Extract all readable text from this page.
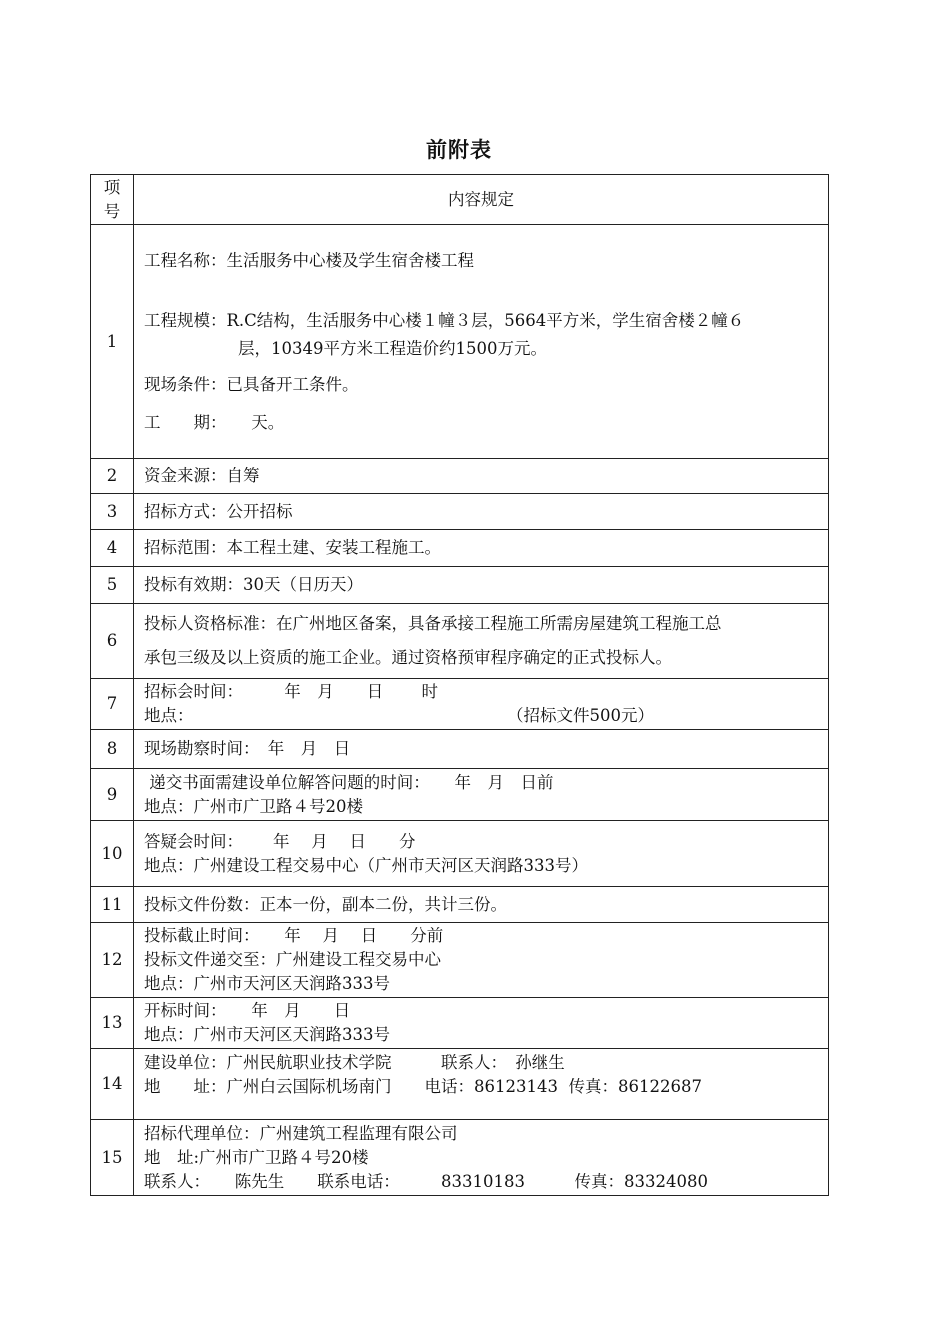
前附表
项
号	内容规定
1	工程名称：生活服务中心楼及学生宿舍楼工程
工程规模：R.C结构，生活服务中心楼１幢３层，5664平方米，学生宿舍楼２幢６
层，10349平方米工程造价约1500万元。
现场条件：已具备开工条件。
工　　期：　　天。

2	资金来源：自筹
3	招标方式：公开招标
4	招标范围：本工程土建、安装工程施工。
5	投标有效期：30天（日历天）
6	投标人资格标准：在广州地区备案，具备承接工程施工所需房屋建筑工程施工总
承包三级及以上资质的施工企业。通过资格预审程序确定的正式投标人。

7	招标会时间：　　　年　月　　日　　 时
地点：　　　　　　　　　　　　　　　　　　　　（招标文件500元）

8	现场勘察时间：　年　月　日
9	递交书面需建设单位解答问题的时间：　　年　月　日前
地点：广州市广卫路４号20楼

10	答疑会时间：　　 年　 月　 日　　分
地点：广州建设工程交易中心（广州市天河区天润路333号）

11	投标文件份数：正本一份，副本二份，共计三份。
12	投标截止时间：　　年　 月　 日　　分前
投标文件递交至：广州建设工程交易中心
地点：广州市天河区天润路333号

13	开标时间：　　年　月　　日
地点：广州市天河区天润路333号

14	建设单位：广州民航职业技术学院　　　联系人：　孙继生
地　　址：广州白云国际机场南门　　电话：86123143  传真：86122687

15	招标代理单位：广州建筑工程监理有限公司
地　址:广州市广卫路４号20楼
联系人：　　陈先生　　联系电话：　　　83310183　　　传真：83324080
